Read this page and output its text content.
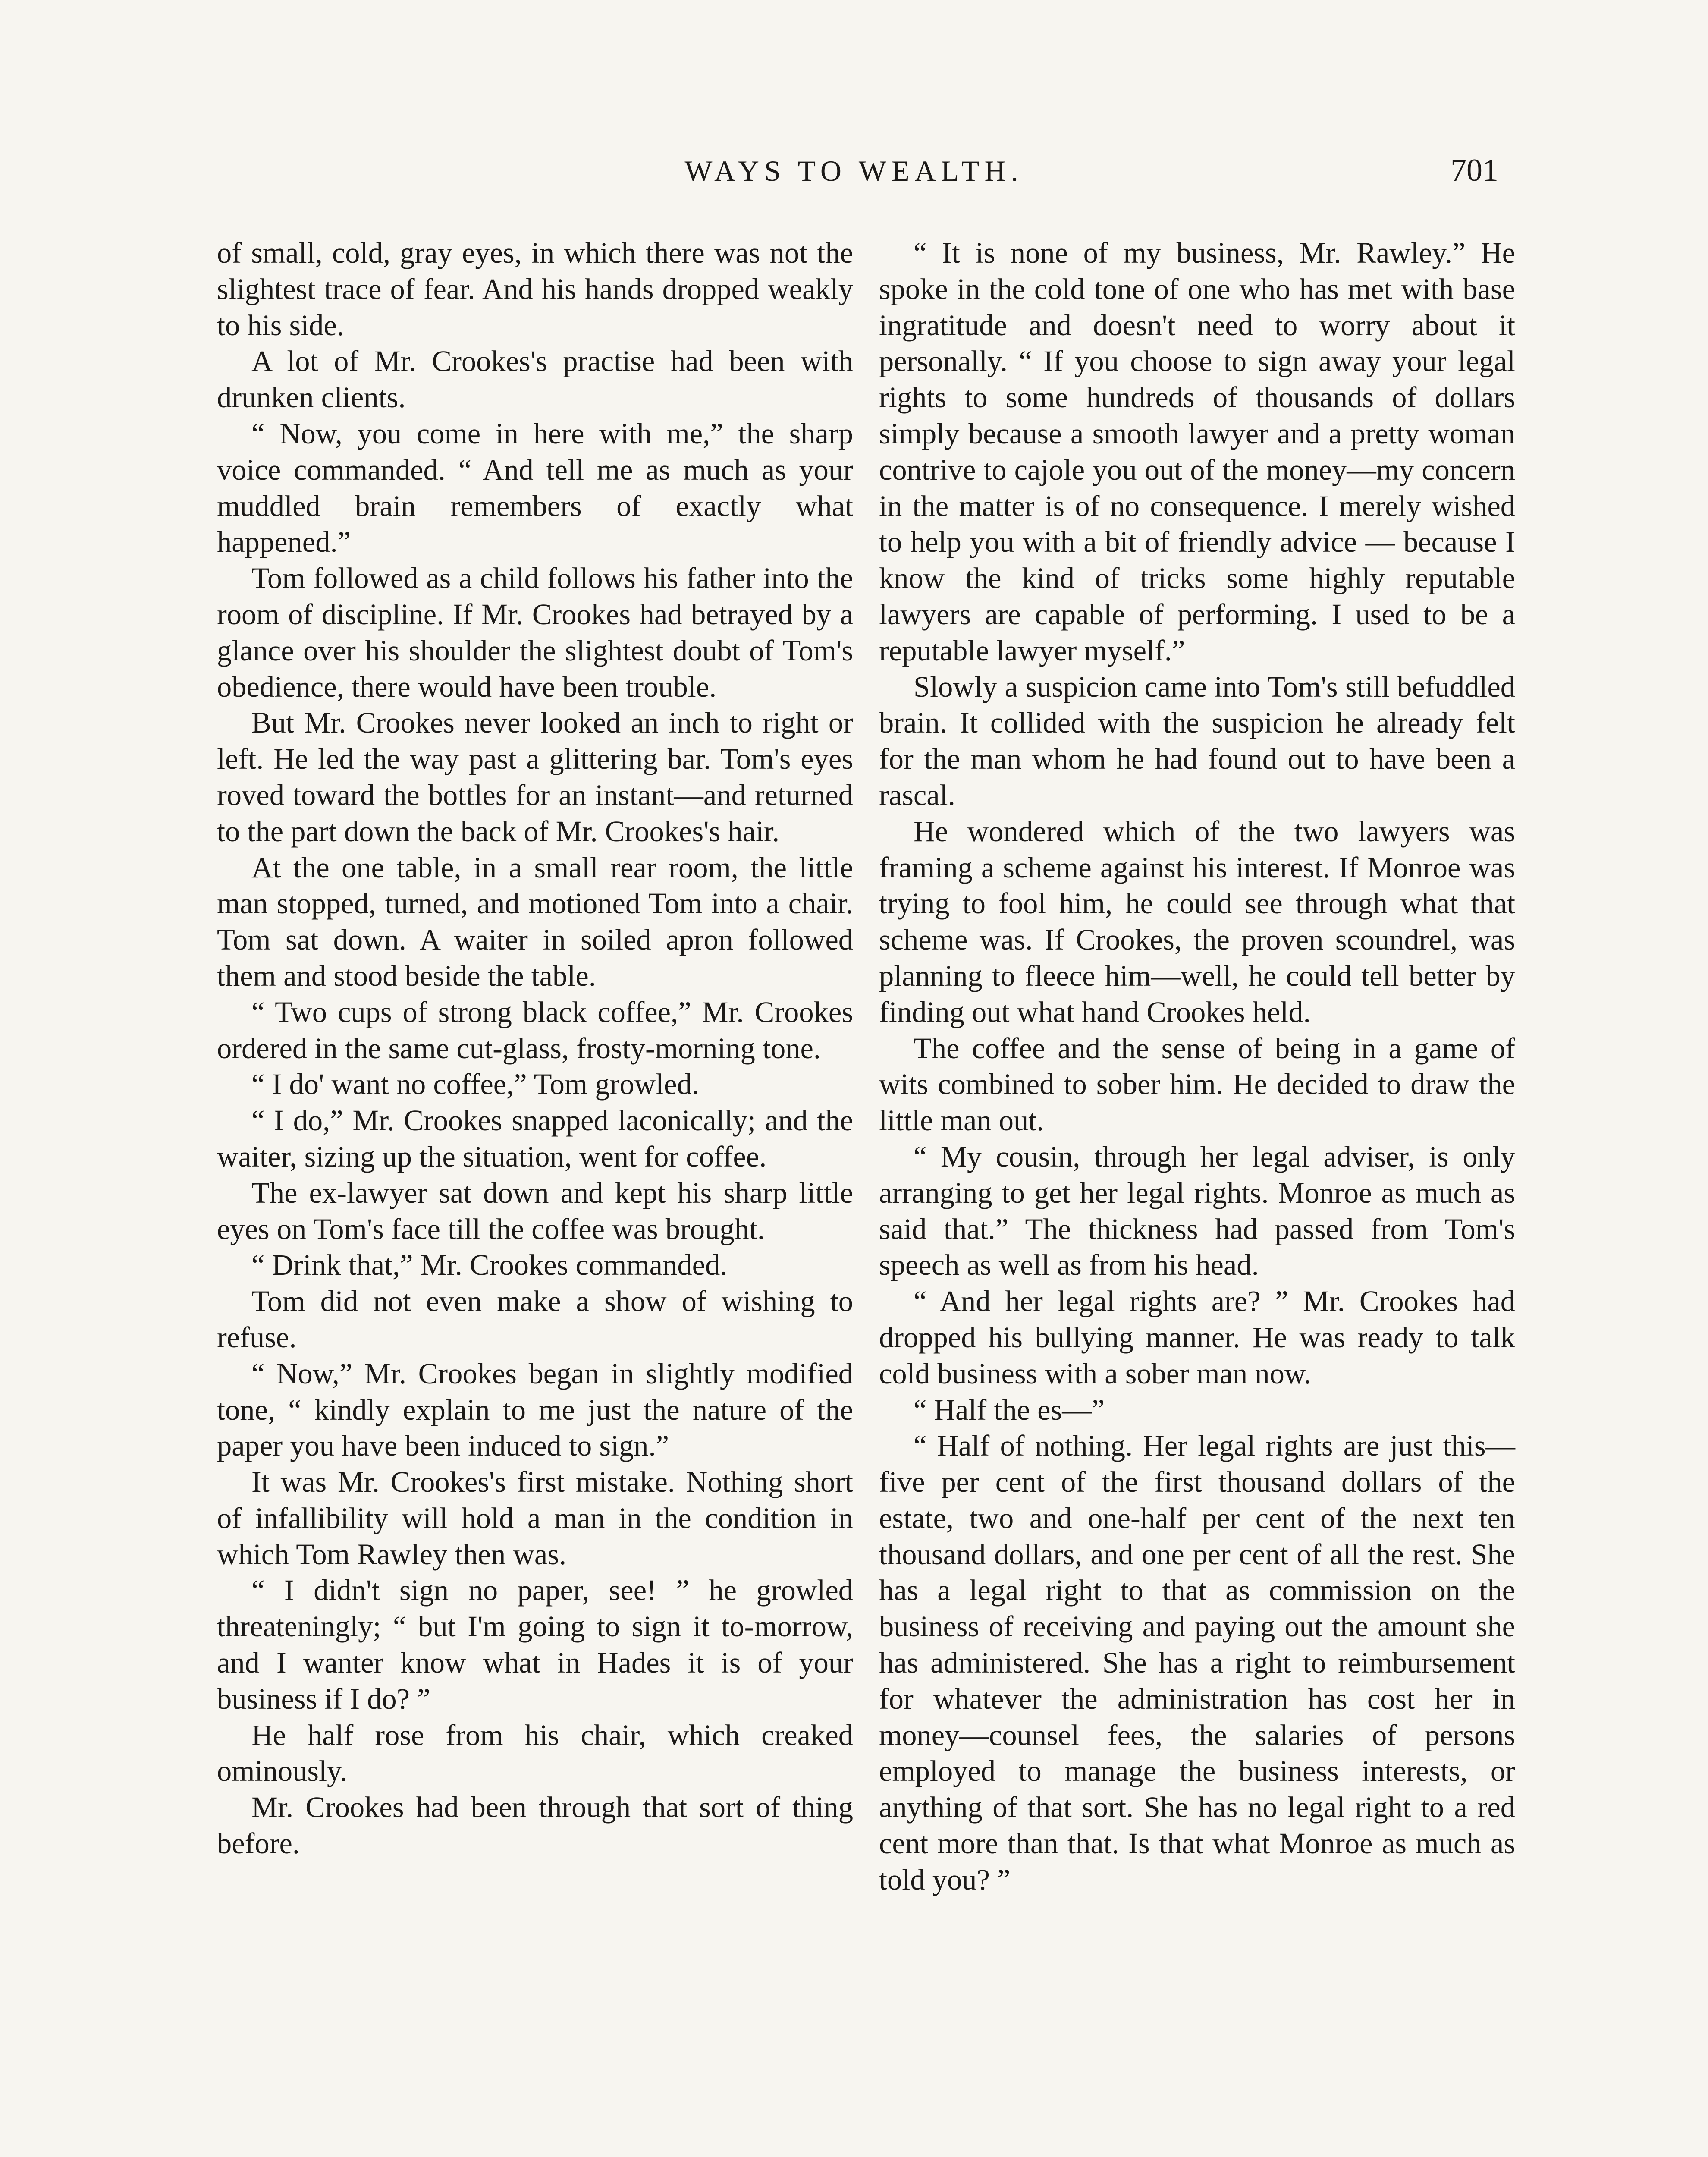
WAYS TO WEALTH.	701

of small, cold, gray eyes, in which there was not the slightest trace of fear. And his hands dropped weakly to his side.

A lot of Mr. Crookes's practise had been with drunken clients.

“ Now, you come in here with me,” the sharp voice commanded. “ And tell me as much as your muddled brain remembers of exactly what happened.”

Tom followed as a child follows his father into the room of discipline. If Mr. Crookes had betrayed by a glance over his shoulder the slightest doubt of Tom's obedience, there would have been trouble.

But Mr. Crookes never looked an inch to right or left. He led the way past a glittering bar. Tom's eyes roved toward the bottles for an instant—and returned to the part down the back of Mr. Crookes's hair.

At the one table, in a small rear room, the little man stopped, turned, and motioned Tom into a chair. Tom sat down. A waiter in soiled apron followed them and stood beside the table.

“ Two cups of strong black coffee,” Mr. Crookes ordered in the same cut-glass, frosty-morning tone.

“ I do' want no coffee,” Tom growled.

“ I do,” Mr. Crookes snapped laconically; and the waiter, sizing up the situation, went for coffee.

The ex-lawyer sat down and kept his sharp little eyes on Tom's face till the coffee was brought.

“ Drink that,” Mr. Crookes commanded.

Tom did not even make a show of wishing to refuse.

“ Now,” Mr. Crookes began in slightly modified tone, “ kindly explain to me just the nature of the paper you have been induced to sign.”

It was Mr. Crookes's first mistake. Nothing short of infallibility will hold a man in the condition in which Tom Rawley then was.

“ I didn't sign no paper, see! ” he growled threateningly; “ but I'm going to sign it to-morrow, and I wanter know what in Hades it is of your business if I do? ”

He half rose from his chair, which creaked ominously.

Mr. Crookes had been through that sort of thing before.

“ It is none of my business, Mr. Rawley.” He spoke in the cold tone of one who has met with base ingratitude and doesn't need to worry about it personally. “ If you choose to sign away your legal rights to some hundreds of thousands of dollars simply because a smooth lawyer and a pretty woman contrive to cajole you out of the money—my concern in the matter is of no consequence. I merely wished to help you with a bit of friendly advice — because I know the kind of tricks some highly reputable lawyers are capable of performing. I used to be a reputable lawyer myself.”

Slowly a suspicion came into Tom's still befuddled brain. It collided with the suspicion he already felt for the man whom he had found out to have been a rascal.

He wondered which of the two lawyers was framing a scheme against his interest. If Monroe was trying to fool him, he could see through what that scheme was. If Crookes, the proven scoundrel, was planning to fleece him—well, he could tell better by finding out what hand Crookes held.

The coffee and the sense of being in a game of wits combined to sober him. He decided to draw the little man out.

“ My cousin, through her legal adviser, is only arranging to get her legal rights. Monroe as much as said that.” The thickness had passed from Tom's speech as well as from his head.

“ And her legal rights are? ” Mr. Crookes had dropped his bullying manner. He was ready to talk cold business with a sober man now.

“ Half the es—”

“ Half of nothing. Her legal rights are just this—five per cent of the first thousand dollars of the estate, two and one-half per cent of the next ten thousand dollars, and one per cent of all the rest. She has a legal right to that as commission on the business of receiving and paying out the amount she has administered. She has a right to reimbursement for whatever the administration has cost her in money—counsel fees, the salaries of persons employed to manage the business interests, or anything of that sort. She has no legal right to a red cent more than that. Is that what Monroe as much as told you? ”
